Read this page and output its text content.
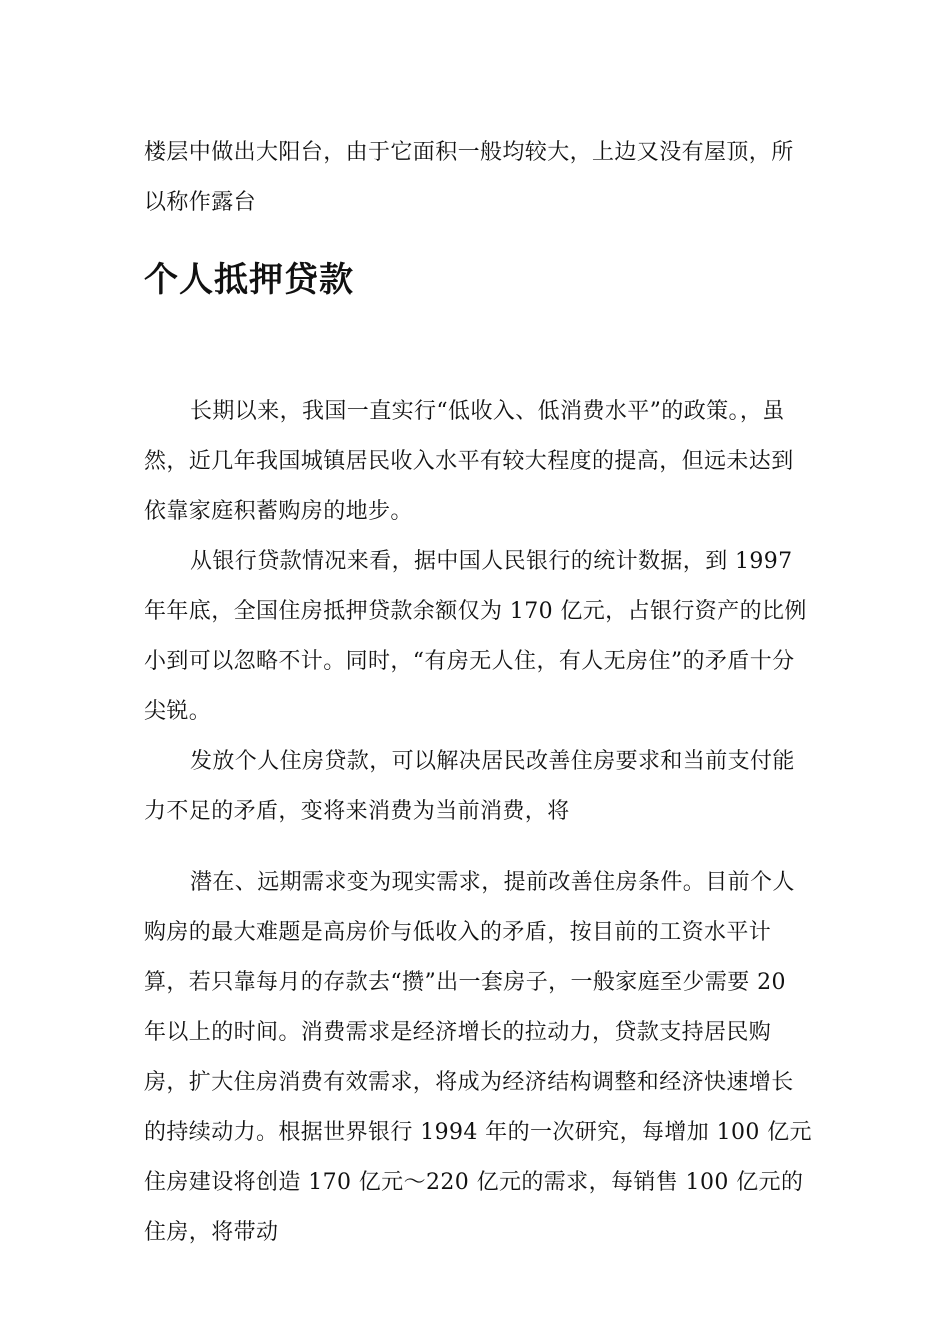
楼层中做出大阳台，由于它面积一般均较大，上边又没有屋顶，所

以称作露台

个人抵押贷款

长期以来，我国一直实行“低收入、低消费水平”的政策。，虽然，近几年我国城镇居民收入水平有较大程度的提高，但远未达到依靠家庭积蓄购房的地步。

从银行贷款情况来看，据中国人民银行的统计数据，到 1997 年年底，全国住房抵押贷款余额仅为 170 亿元，占银行资产的比例小到可以忽略不计。同时，“有房无人住，有人无房住”的矛盾十分尖锐。

发放个人住房贷款，可以解决居民改善住房要求和当前支付能力不足的矛盾，变将来消费为当前消费，将

潜在、远期需求变为现实需求，提前改善住房条件。目前个人购房的最大难题是高房价与低收入的矛盾，按目前的工资水平计算，若只靠每月的存款去“攒”出一套房子，一般家庭至少需要 20 年以上的时间。消费需求是经济增长的拉动力，贷款支持居民购房，扩大住房消费有效需求，将成为经济结构调整和经济快速增长的持续动力。根据世界银行 1994 年的一次研究，每增加 100 亿元住房建设将创造 170 亿元～220 亿元的需求，每销售 100 亿元的住房，将带动
